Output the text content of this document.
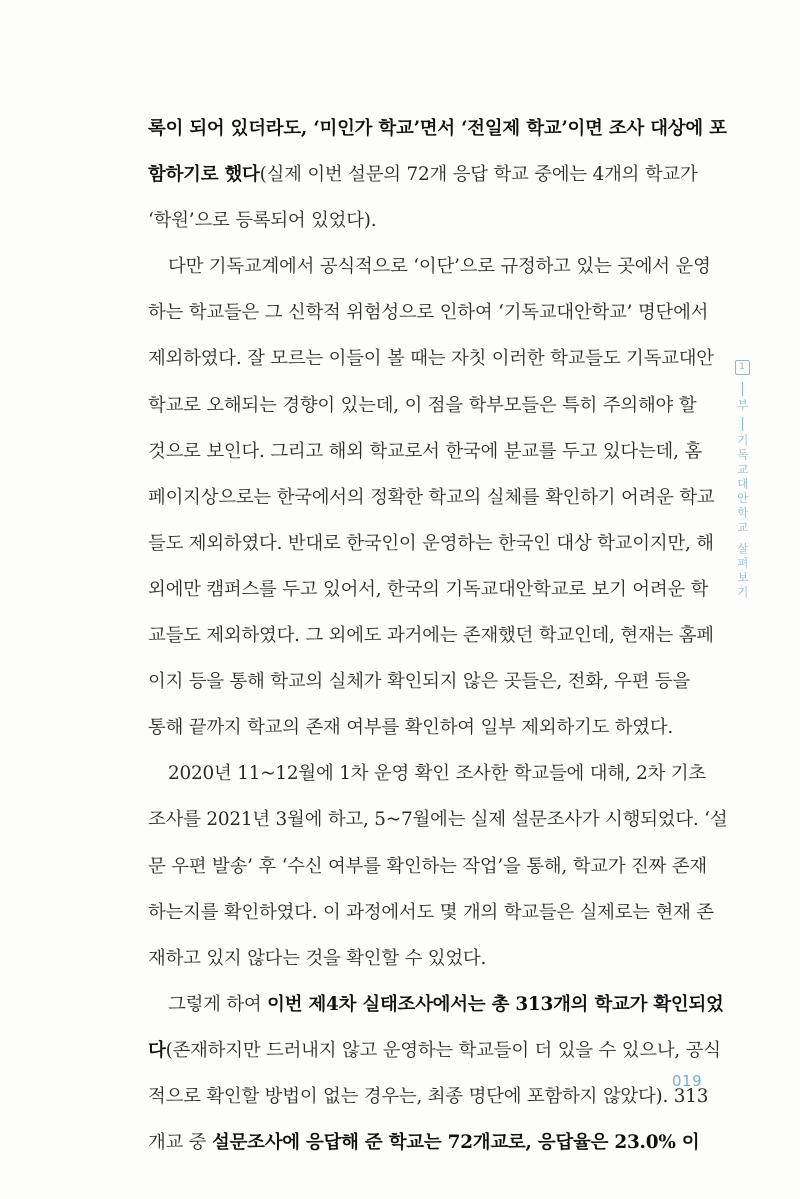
록이 되어 있더라도, ‘미인가 학교’면서 ‘전일제 학교’이면 조사 대상에 포
함하기로 했다(실제 이번 설문의 72개 응답 학교 중에는 4개의 학교가
‘학원’으로 등록되어 있었다).
다만 기독교계에서 공식적으로 ‘이단’으로 규정하고 있는 곳에서 운영
하는 학교들은 그 신학적 위험성으로 인하여 ‘기독교대안학교’ 명단에서
제외하였다. 잘 모르는 이들이 볼 때는 자칫 이러한 학교들도 기독교대안
학교로 오해되는 경향이 있는데, 이 점을 학부모들은 특히 주의해야 할
것으로 보인다. 그리고 해외 학교로서 한국에 분교를 두고 있다는데, 홈
페이지상으로는 한국에서의 정확한 학교의 실체를 확인하기 어려운 학교
들도 제외하였다. 반대로 한국인이 운영하는 한국인 대상 학교이지만, 해
외에만 캠퍼스를 두고 있어서, 한국의 기독교대안학교로 보기 어려운 학
교들도 제외하였다. 그 외에도 과거에는 존재했던 학교인데, 현재는 홈페
이지 등을 통해 학교의 실체가 확인되지 않은 곳들은, 전화, 우편 등을
통해 끝까지 학교의 존재 여부를 확인하여 일부 제외하기도 하였다.
2020년 11~12월에 1차 운영 확인 조사한 학교들에 대해, 2차 기초
조사를 2021년 3월에 하고, 5~7월에는 실제 설문조사가 시행되었다. ‘설
문 우편 발송’ 후 ‘수신 여부를 확인하는 작업’을 통해, 학교가 진짜 존재
하는지를 확인하였다. 이 과정에서도 몇 개의 학교들은 실제로는 현재 존
재하고 있지 않다는 것을 확인할 수 있었다.
그렇게 하여 이번 제4차 실태조사에서는 총 313개의 학교가 확인되었
다(존재하지만 드러내지 않고 운영하는 학교들이 더 있을 수 있으나, 공식
적으로 확인할 방법이 없는 경우는, 최종 명단에 포함하지 않았다). 313
개교 중 설문조사에 응답해 준 학교는 72개교로, 응답율은 23.0% 이
1
부
기독교대안학교 살펴보기
019
